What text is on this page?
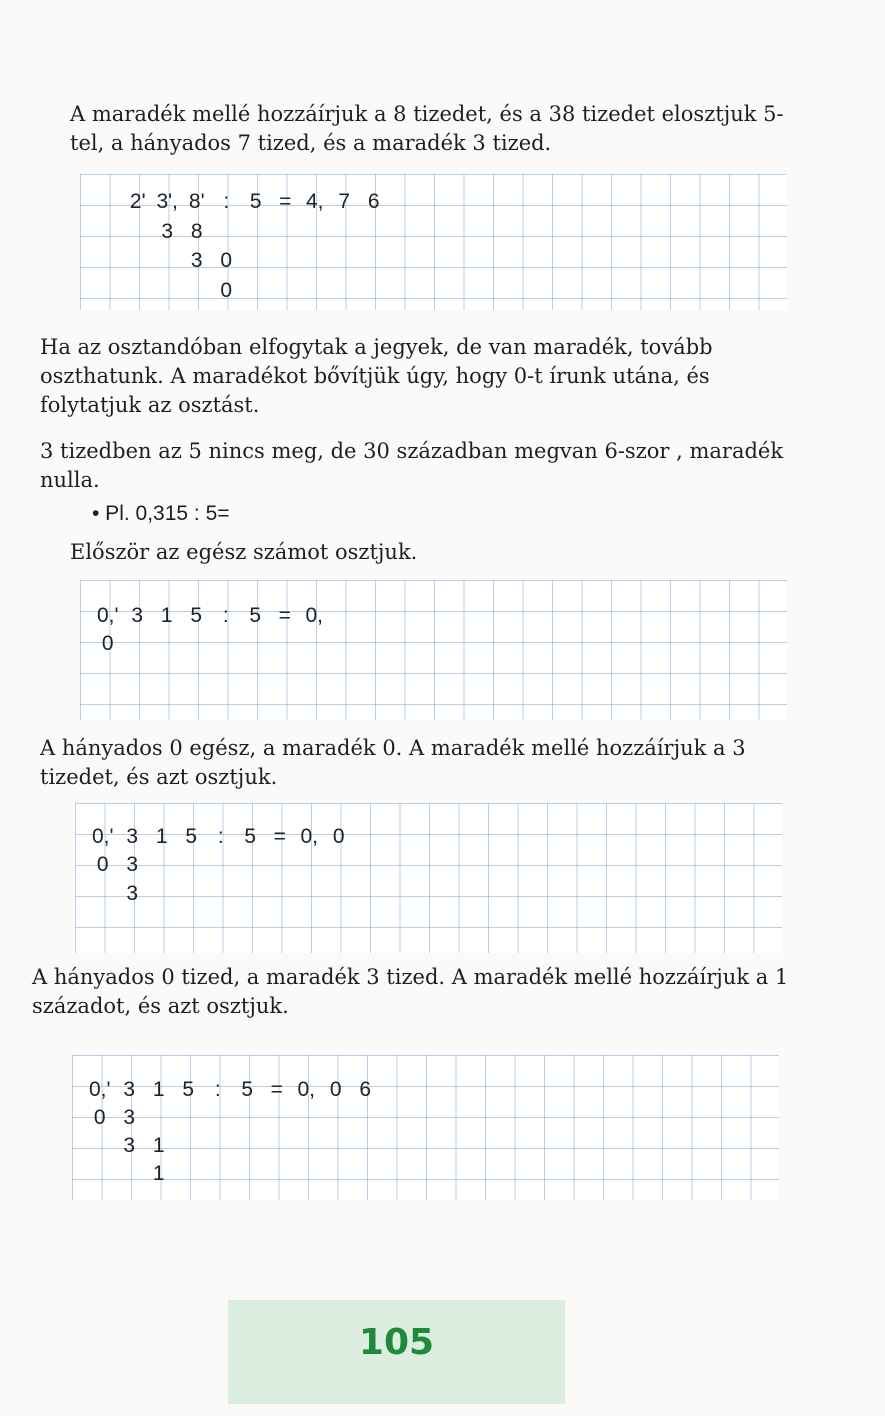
A maradék mellé hozzáírjuk a 8 tizedet, és a 38 tizedet elosztjuk 5-tel, a hányados 7 tized, és a maradék 3 tized.

2' 3', 8' : 5 = 4, 7 6
3 8
3 0
0

Ha az osztandóban elfogytak a jegyek, de van maradék, tovább oszthatunk. A maradékot bővítjük úgy, hogy 0-t írunk utána, és folytatjuk az osztást.

3 tizedben az 5 nincs meg, de 30 században megvan 6-szor , maradék nulla.

• Pl. 0,315 : 5=

Először az egész számot osztjuk.

0,' 3 1 5 : 5 = 0,
0

A hányados 0 egész, a maradék 0. A maradék mellé hozzáírjuk a 3 tizedet, és azt osztjuk.

0,' 3 1 5 : 5 = 0, 0
0 3
3

A hányados 0 tized, a maradék 3 tized. A maradék mellé hozzáírjuk a 1 századot, és azt osztjuk.

0,' 3 1 5 : 5 = 0, 0 6
0 3
3 1
1
105
